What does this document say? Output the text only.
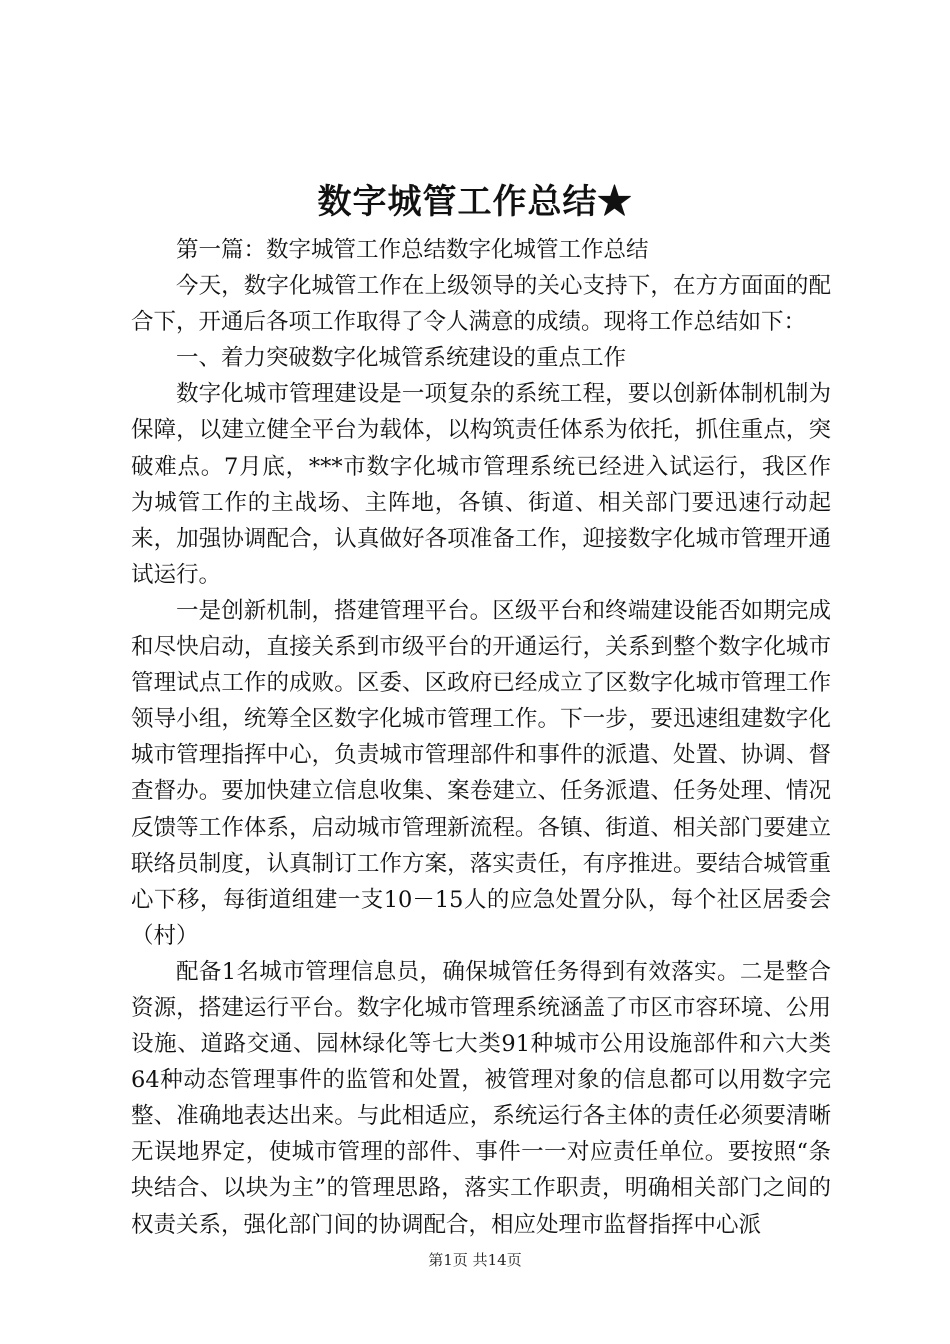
数字城管工作总结★

第一篇：数字城管工作总结数字化城管工作总结

今天，数字化城管工作在上级领导的关心支持下，在方方面面的配合下，开通后各项工作取得了令人满意的成绩。现将工作总结如下：

一、着力突破数字化城管系统建设的重点工作

数字化城市管理建设是一项复杂的系统工程，要以创新体制机制为保障，以建立健全平台为载体，以构筑责任体系为依托，抓住重点，突破难点。7月底，***市数字化城市管理系统已经进入试运行，我区作为城管工作的主战场、主阵地，各镇、街道、相关部门要迅速行动起来，加强协调配合，认真做好各项准备工作，迎接数字化城市管理开通试运行。

一是创新机制，搭建管理平台。区级平台和终端建设能否如期完成和尽快启动，直接关系到市级平台的开通运行，关系到整个数字化城市管理试点工作的成败。区委、区政府已经成立了区数字化城市管理工作领导小组，统筹全区数字化城市管理工作。下一步，要迅速组建数字化城市管理指挥中心，负责城市管理部件和事件的派遣、处置、协调、督查督办。要加快建立信息收集、案卷建立、任务派遣、任务处理、情况反馈等工作体系，启动城市管理新流程。各镇、街道、相关部门要建立联络员制度，认真制订工作方案，落实责任，有序推进。要结合城管重心下移，每街道组建一支10－15人的应急处置分队，每个社区居委会（村）

配备1名城市管理信息员，确保城管任务得到有效落实。二是整合资源，搭建运行平台。数字化城市管理系统涵盖了市区市容环境、公用设施、道路交通、园林绿化等七大类91种城市公用设施部件和六大类64种动态管理事件的监管和处置，被管理对象的信息都可以用数字完整、准确地表达出来。与此相适应，系统运行各主体的责任必须要清晰无误地界定，使城市管理的部件、事件一一对应责任单位。要按照“条块结合、以块为主”的管理思路，落实工作职责，明确相关部门之间的权责关系，强化部门间的协调配合，相应处理市监督指挥中心派

第1页 共14页
